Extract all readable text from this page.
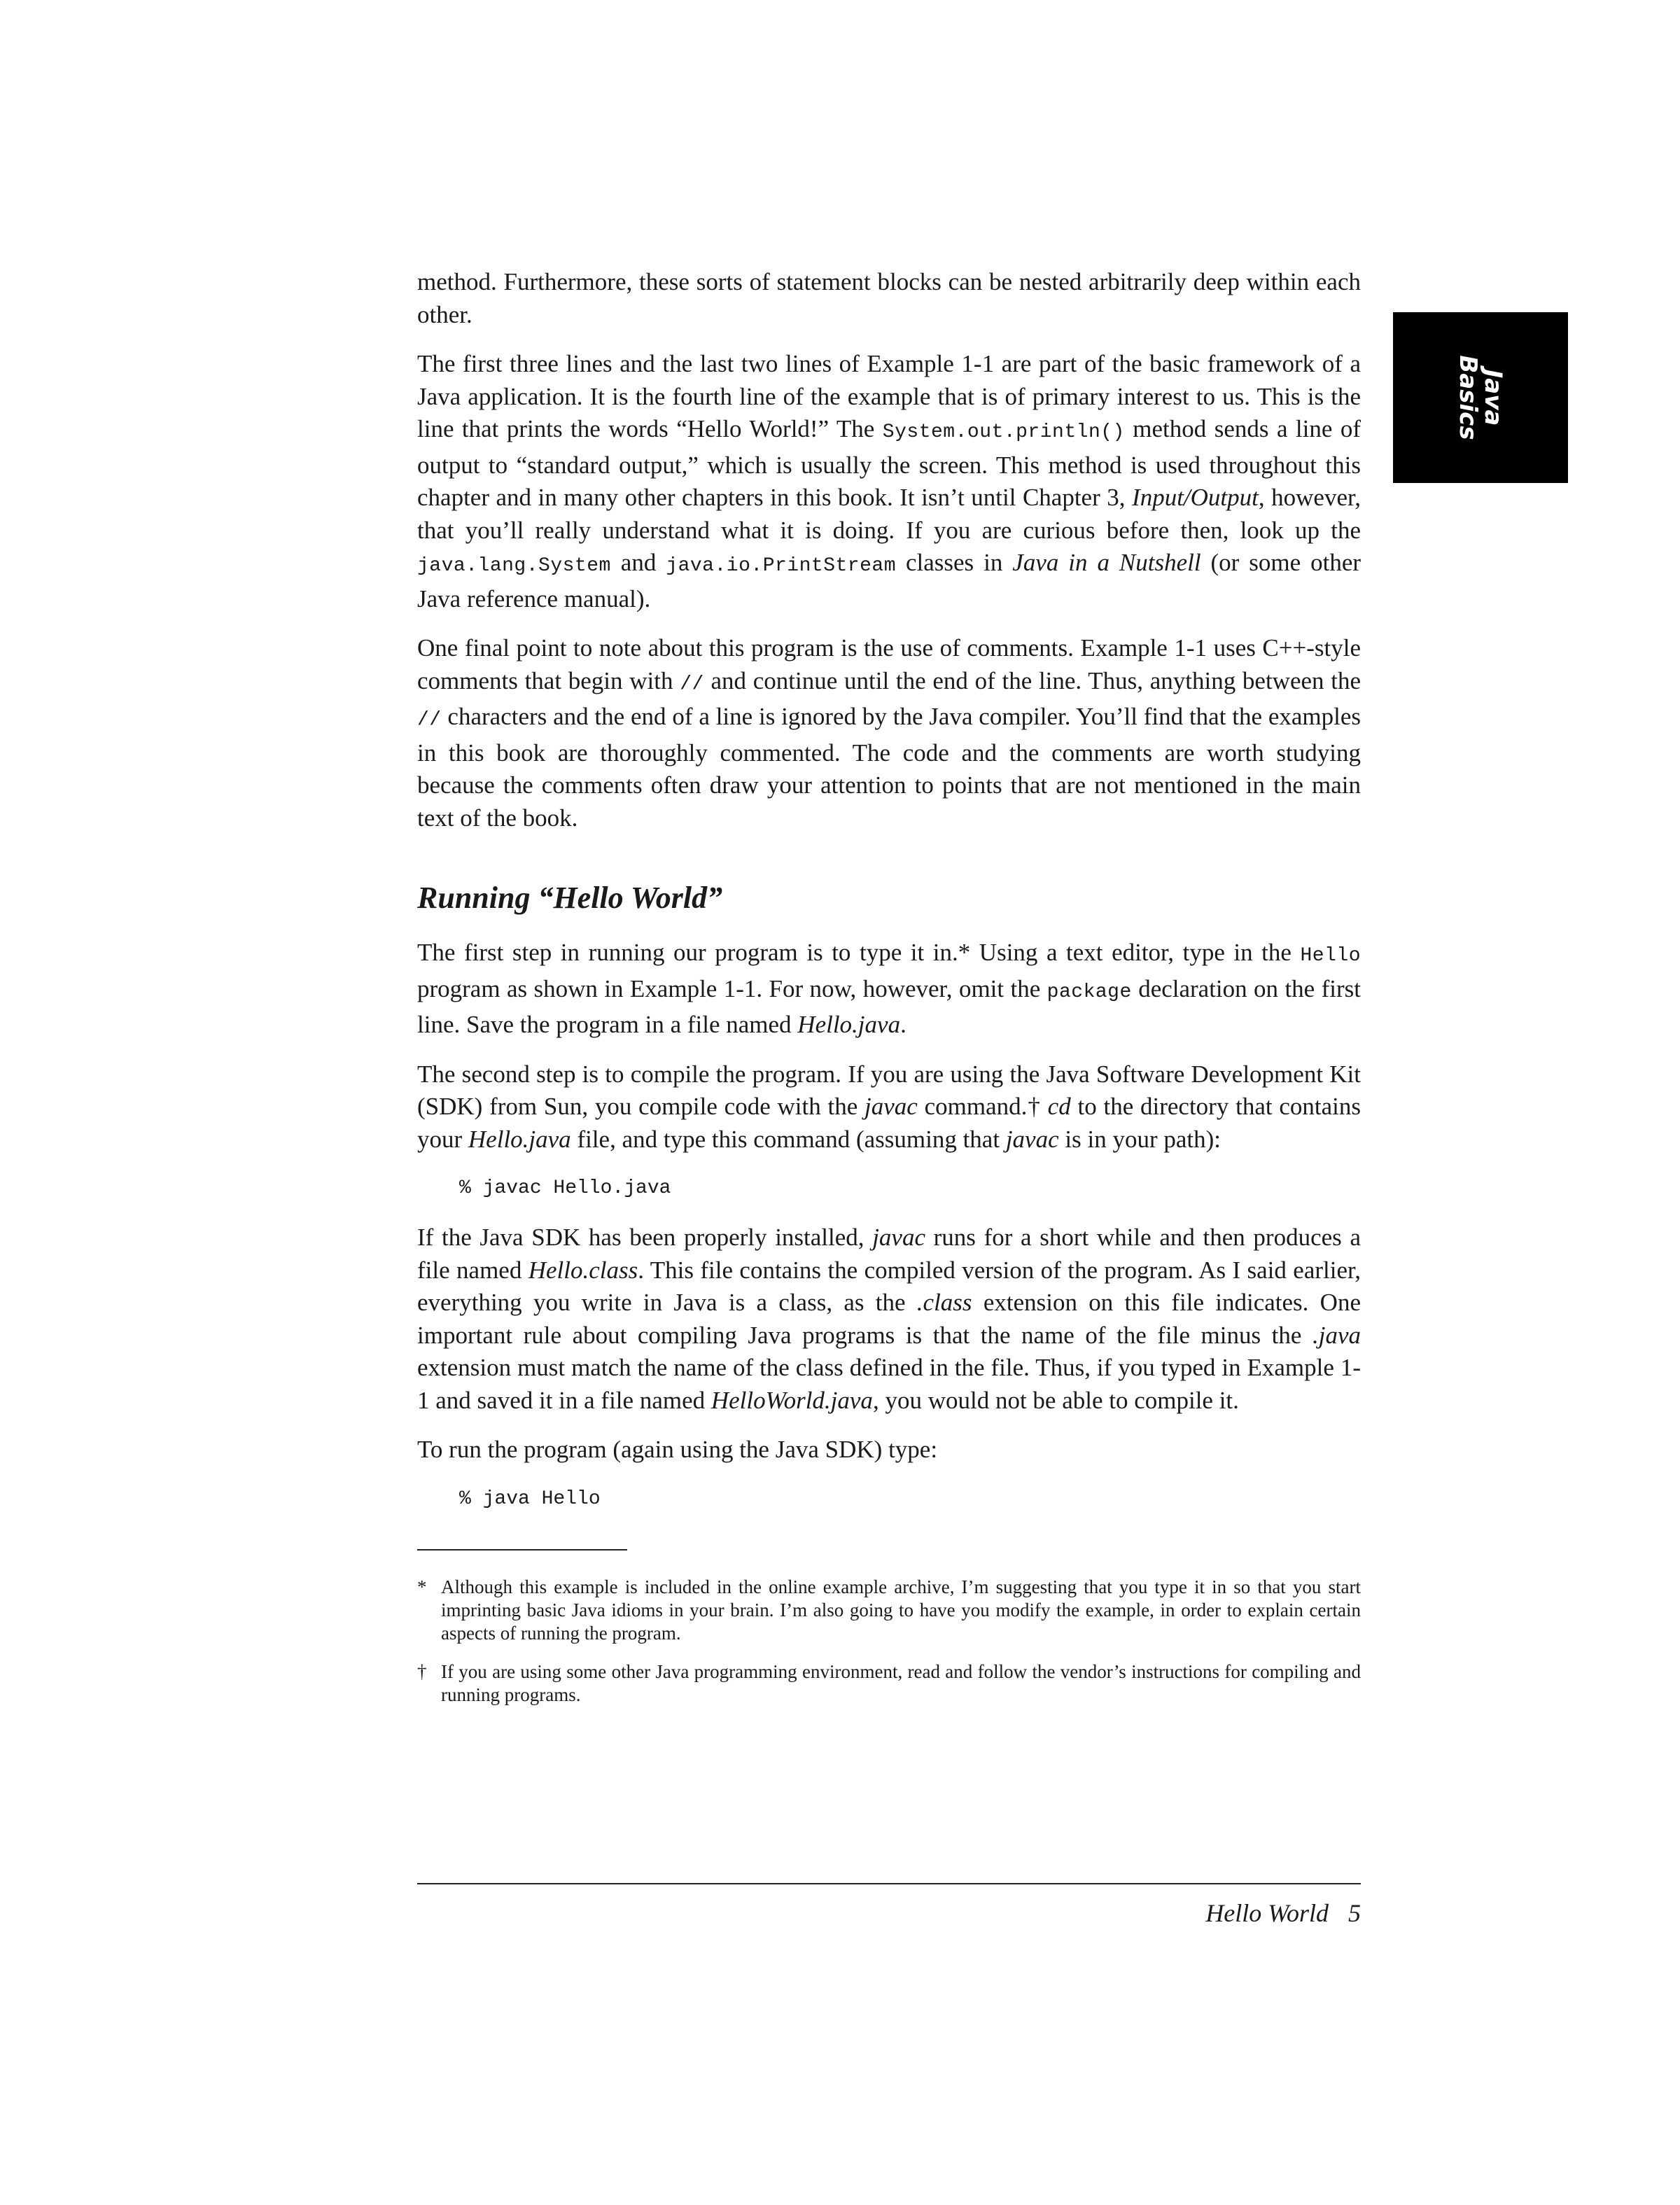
Java
Basics

method. Furthermore, these sorts of statement blocks can be nested arbitrarily deep within each other.

The first three lines and the last two lines of Example 1-1 are part of the basic framework of a Java application. It is the fourth line of the example that is of primary interest to us. This is the line that prints the words “Hello World!” The System.out.println() method sends a line of output to “standard output,” which is usually the screen. This method is used throughout this chapter and in many other chapters in this book. It isn’t until Chapter 3, Input/Output, however, that you’ll really understand what it is doing. If you are curious before then, look up the java.lang.System and java.io.PrintStream classes in Java in a Nutshell (or some other Java reference manual).

One final point to note about this program is the use of comments. Example 1-1 uses C++-style comments that begin with // and continue until the end of the line. Thus, anything between the // characters and the end of a line is ignored by the Java compiler. You’ll find that the examples in this book are thoroughly commented. The code and the comments are worth studying because the comments often draw your attention to points that are not mentioned in the main text of the book.

Running “Hello World”

The first step in running our program is to type it in.* Using a text editor, type in the Hello program as shown in Example 1-1. For now, however, omit the package declaration on the first line. Save the program in a file named Hello.java.

The second step is to compile the program. If you are using the Java Software Development Kit (SDK) from Sun, you compile code with the javac command.† cd to the directory that contains your Hello.java file, and type this command (assuming that javac is in your path):

% javac Hello.java

If the Java SDK has been properly installed, javac runs for a short while and then produces a file named Hello.class. This file contains the compiled version of the program. As I said earlier, everything you write in Java is a class, as the .class extension on this file indicates. One important rule about compiling Java programs is that the name of the file minus the .java extension must match the name of the class defined in the file. Thus, if you typed in Example 1-1 and saved it in a file named HelloWorld.java, you would not be able to compile it.

To run the program (again using the Java SDK) type:

% java Hello
* Although this example is included in the online example archive, I’m suggesting that you type it in so that you start imprinting basic Java idioms in your brain. I’m also going to have you modify the example, in order to explain certain aspects of running the program.
† If you are using some other Java programming environment, read and follow the vendor’s instructions for compiling and running programs.
Hello World 5
